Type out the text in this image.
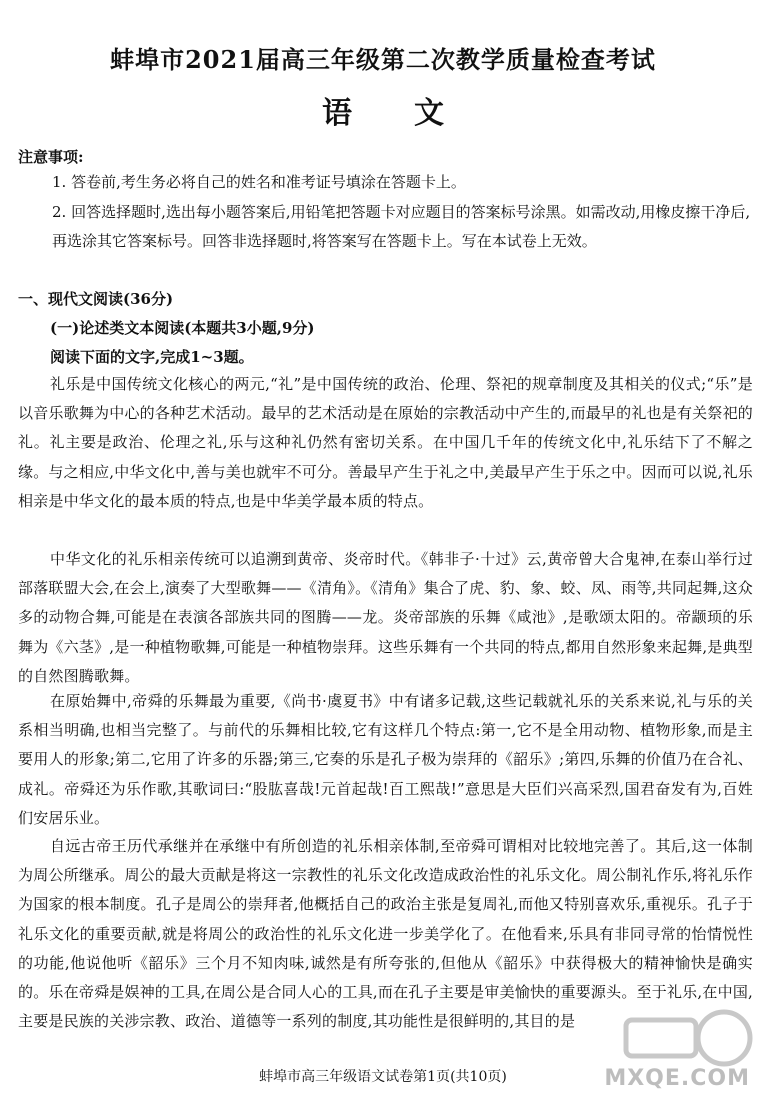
蚌埠市2021届高三年级第二次教学质量检查考试
语文
注意事项:
1. 答卷前,考生务必将自己的姓名和准考证号填涂在答题卡上。
2. 回答选择题时,选出每小题答案后,用铅笔把答题卡对应题目的答案标号涂黑。如需改动,用橡皮擦干净后,再选涂其它答案标号。回答非选择题时,将答案写在答题卡上。写在本试卷上无效。
一、现代文阅读(36分)
(一)论述类文本阅读(本题共3小题,9分)
阅读下面的文字,完成1~3题。
礼乐是中国传统文化核心的两元,“礼”是中国传统的政治、伦理、祭祀的规章制度及其相关的仪式;“乐”是以音乐歌舞为中心的各种艺术活动。最早的艺术活动是在原始的宗教活动中产生的,而最早的礼也是有关祭祀的礼。礼主要是政治、伦理之礼,乐与这种礼仍然有密切关系。在中国几千年的传统文化中,礼乐结下了不解之缘。与之相应,中华文化中,善与美也就牢不可分。善最早产生于礼之中,美最早产生于乐之中。因而可以说,礼乐相亲是中华文化的最本质的特点,也是中华美学最本质的特点。
中华文化的礼乐相亲传统可以追溯到黄帝、炎帝时代。《韩非子·十过》云,黄帝曾大合鬼神,在泰山举行过部落联盟大会,在会上,演奏了大型歌舞——《清角》。《清角》集合了虎、豹、象、蛟、凤、雨等,共同起舞,这众多的动物合舞,可能是在表演各部族共同的图腾——龙。炎帝部族的乐舞《咸池》,是歌颂太阳的。帝颛顼的乐舞为《六茎》,是一种植物歌舞,可能是一种植物崇拜。这些乐舞有一个共同的特点,都用自然形象来起舞,是典型的自然图腾歌舞。
在原始舞中,帝舜的乐舞最为重要,《尚书·虞夏书》中有诸多记载,这些记载就礼乐的关系来说,礼与乐的关系相当明确,也相当完整了。与前代的乐舞相比较,它有这样几个特点:第一,它不是全用动物、植物形象,而是主要用人的形象;第二,它用了许多的乐器;第三,它奏的乐是孔子极为崇拜的《韶乐》;第四,乐舞的价值乃在合礼、成礼。帝舜还为乐作歌,其歌词曰:“股肱喜哉!元首起哉!百工熙哉!”意思是大臣们兴高采烈,国君奋发有为,百姓们安居乐业。
自远古帝王历代承继并在承继中有所创造的礼乐相亲体制,至帝舜可谓相对比较地完善了。其后,这一体制为周公所继承。周公的最大贡献是将这一宗教性的礼乐文化改造成政治性的礼乐文化。周公制礼作乐,将礼乐作为国家的根本制度。孔子是周公的崇拜者,他概括自己的政治主张是复周礼,而他又特别喜欢乐,重视乐。孔子于礼乐文化的重要贡献,就是将周公的政治性的礼乐文化进一步美学化了。在他看来,乐具有非同寻常的怡情悦性的功能,他说他听《韶乐》三个月不知肉味,诚然是有所夸张的,但他从《韶乐》中获得极大的精神愉快是确实的。乐在帝舜是娱神的工具,在周公是合同人心的工具,而在孔子主要是审美愉快的重要源头。至于礼乐,在中国,主要是民族的关涉宗教、政治、道德等一系列的制度,其功能性是很鲜明的,其目的是
蚌埠市高三年级语文试卷第1页(共10页)	MXQE.COM
